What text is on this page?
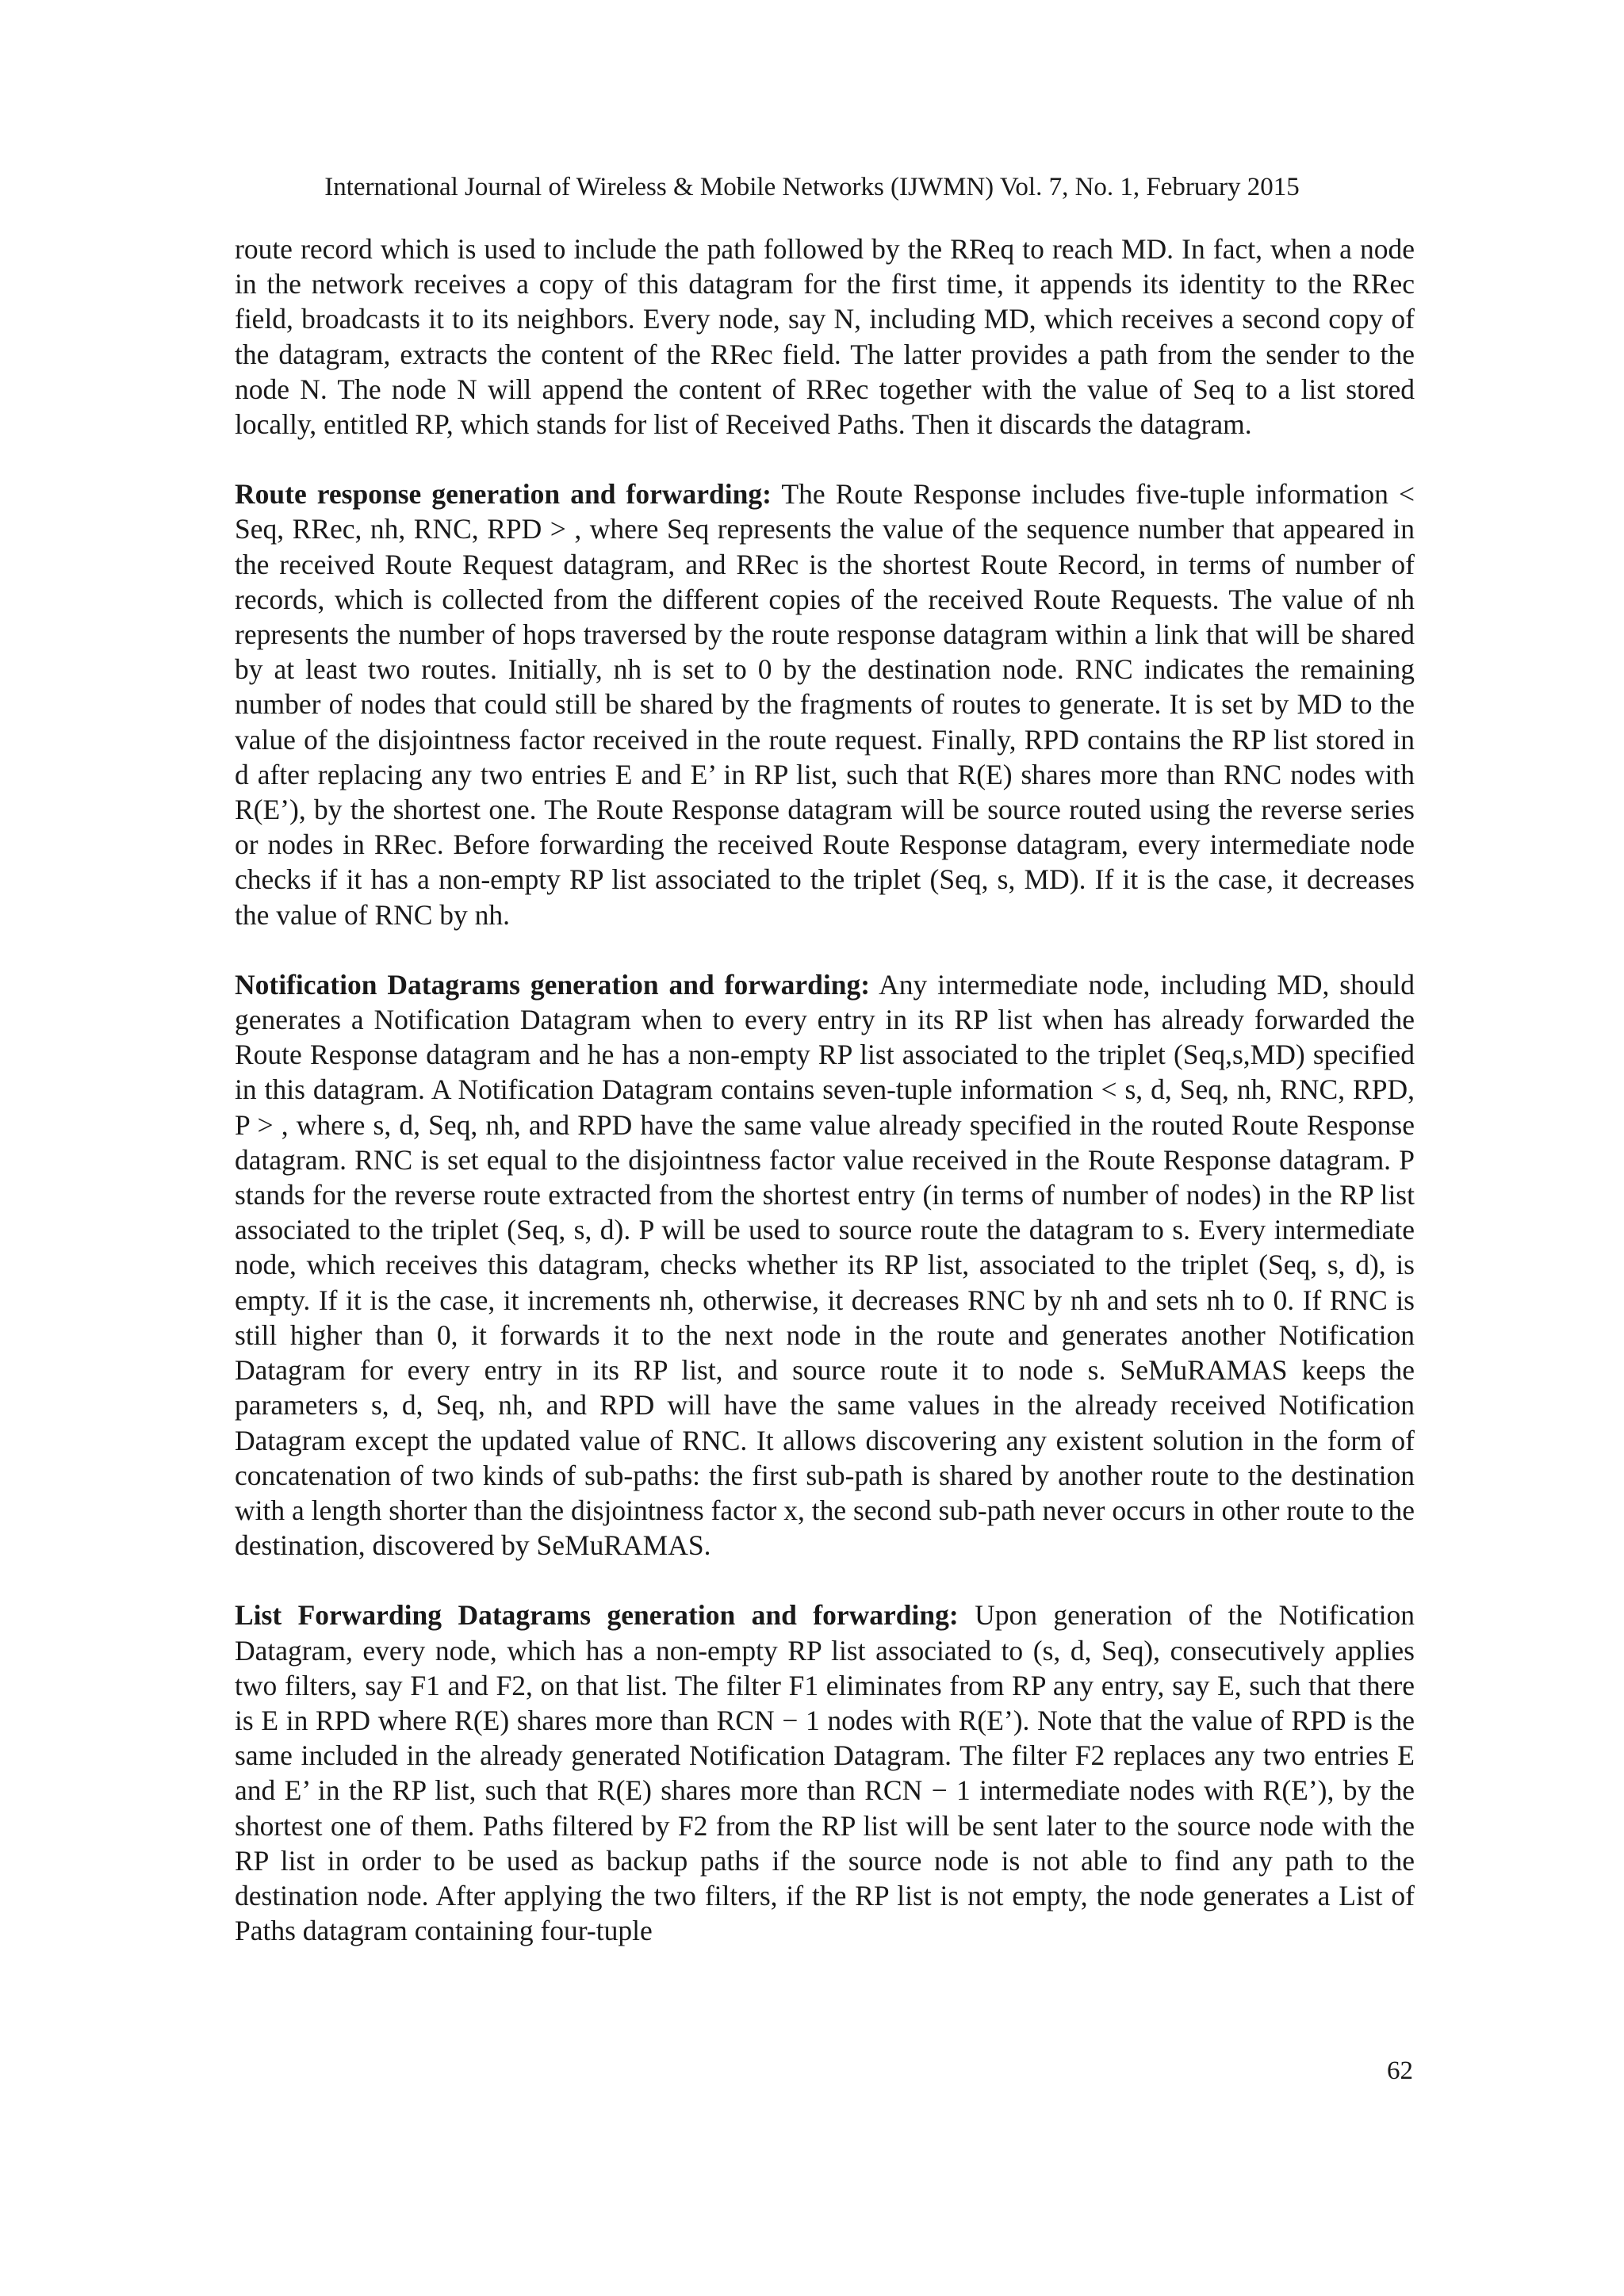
International Journal of Wireless & Mobile Networks (IJWMN) Vol. 7, No. 1, February 2015

route record which is used to include the path followed by the RReq to reach MD. In fact, when a node in the network receives a copy of this datagram for the first time, it appends its identity to the RRec field, broadcasts it to its neighbors. Every node, say N, including MD, which receives a second copy of the datagram, extracts the content of the RRec field. The latter provides a path from the sender to the node N. The node N will append the content of RRec together with the value of Seq to a list stored locally, entitled RP, which stands for list of Received Paths. Then it discards the datagram.

Route response generation and forwarding: The Route Response includes five-tuple information < Seq, RRec, nh, RNC, RPD > , where Seq represents the value of the sequence number that appeared in the received Route Request datagram, and RRec is the shortest Route Record, in terms of number of records, which is collected from the different copies of the received Route Requests. The value of nh represents the number of hops traversed by the route response datagram within a link that will be shared by at least two routes. Initially, nh is set to 0 by the destination node. RNC indicates the remaining number of nodes that could still be shared by the fragments of routes to generate. It is set by MD to the value of the disjointness factor received in the route request. Finally, RPD contains the RP list stored in d after replacing any two entries E and E’ in RP list, such that R(E) shares more than RNC nodes with R(E’), by the shortest one. The Route Response datagram will be source routed using the reverse series or nodes in RRec. Before forwarding the received Route Response datagram, every intermediate node checks if it has a non-empty RP list associated to the triplet (Seq, s, MD). If it is the case, it decreases the value of RNC by nh.

Notification Datagrams generation and forwarding: Any intermediate node, including MD, should generates a Notification Datagram when to every entry in its RP list when has already forwarded the Route Response datagram and he has a non-empty RP list associated to the triplet (Seq,s,MD) specified in this datagram. A Notification Datagram contains seven-tuple information < s, d, Seq, nh, RNC, RPD, P > , where s, d, Seq, nh, and RPD have the same value already specified in the routed Route Response datagram. RNC is set equal to the disjointness factor value received in the Route Response datagram. P stands for the reverse route extracted from the shortest entry (in terms of number of nodes) in the RP list associated to the triplet (Seq, s, d). P will be used to source route the datagram to s. Every intermediate node, which receives this datagram, checks whether its RP list, associated to the triplet (Seq, s, d), is empty. If it is the case, it increments nh, otherwise, it decreases RNC by nh and sets nh to 0. If RNC is still higher than 0, it forwards it to the next node in the route and generates another Notification Datagram for every entry in its RP list, and source route it to node s. SeMuRAMAS keeps the parameters s, d, Seq, nh, and RPD will have the same values in the already received Notification Datagram except the updated value of RNC. It allows discovering any existent solution in the form of concatenation of two kinds of sub-paths: the first sub-path is shared by another route to the destination with a length shorter than the disjointness factor x, the second sub-path never occurs in other route to the destination, discovered by SeMuRAMAS.

List Forwarding Datagrams generation and forwarding: Upon generation of the Notification Datagram, every node, which has a non-empty RP list associated to (s, d, Seq), consecutively applies two filters, say F1 and F2, on that list. The filter F1 eliminates from RP any entry, say E, such that there is E in RPD where R(E) shares more than RCN − 1 nodes with R(E’). Note that the value of RPD is the same included in the already generated Notification Datagram. The filter F2 replaces any two entries E and E’ in the RP list, such that R(E) shares more than RCN − 1 intermediate nodes with R(E’), by the shortest one of them. Paths filtered by F2 from the RP list will be sent later to the source node with the RP list in order to be used as backup paths if the source node is not able to find any path to the destination node. After applying the two filters, if the RP list is not empty, the node generates a List of Paths datagram containing four-tuple

62
